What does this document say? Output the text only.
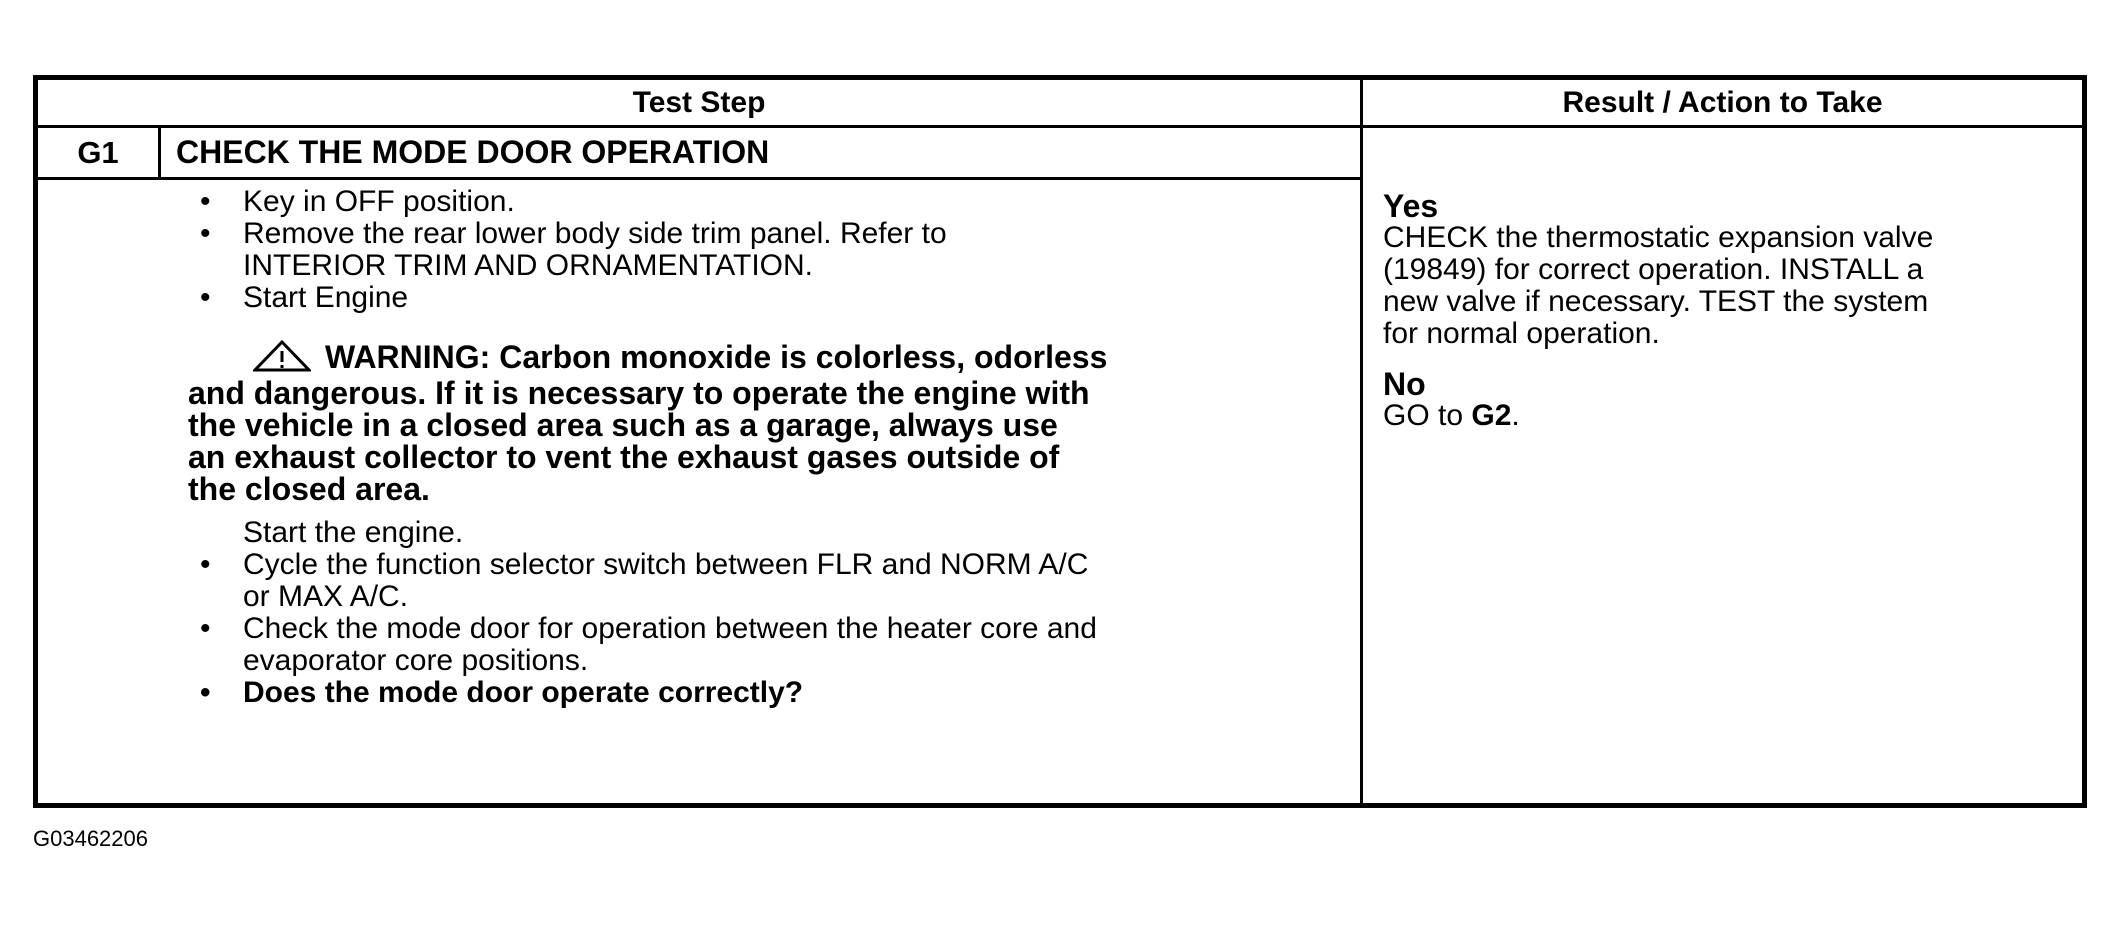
Test Step	Result / Action to Take
G1	CHECK THE MODE DOOR OPERATION
• Key in OFF position.
• Remove the rear lower body side trim panel. Refer to
INTERIOR TRIM AND ORNAMENTATION.
• Start Engine
WARNING: Carbon monoxide is colorless, odorless
and dangerous. If it is necessary to operate the engine with
the vehicle in a closed area such as a garage, always use
an exhaust collector to vent the exhaust gases outside of
the closed area.
Start the engine.
• Cycle the function selector switch between FLR and NORM A/C
or MAX A/C.
• Check the mode door for operation between the heater core and
evaporator core positions.
• Does the mode door operate correctly?
Yes
CHECK the thermostatic expansion valve
(19849) for correct operation. INSTALL a
new valve if necessary. TEST the system
for normal operation.
No
GO to G2.
G03462206
